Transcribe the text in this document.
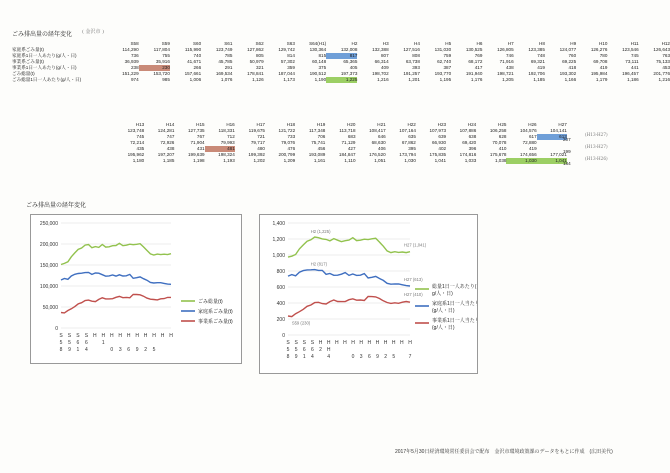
ごみ排出量の経年変化 ( 金沢市 )
	S58	S59	S60	S61	S62	S63	S64(H1)	H2	H3	H4	H5	H6	H7	H8	H9	H10	H11	H12
家庭系ごみ量(t)	114,290	117,804	115,990	123,749	127,862	129,742	130,364	132,008	132,388	127,516	131,030	130,525	126,805	123,385	124,077	126,276	123,546	126,643
家庭系1日一人あたり(g/人・日)	736	755	740	785	805	814	815	817	807	808	759	769	746	748	760	780	745	763
事業系ごみ量(t)	36,939	35,916	41,671	45,785	50,979	57,302	60,148	65,365	66,314	63,738	62,740	68,172	71,916	69,321	69,225	69,708	73,111	75,133
事業系1日一人あたり(g/人・日)	238	230	266	291	321	359	375	405	409	393	387	417	438	419	418	419	441	453
ごみ総量(t)	151,229	153,720	157,661	169,534	178,841	187,044	190,512	197,373	198,702	191,257	193,770	191,940	198,721	192,706	193,302	195,984	196,457	201,776
ごみ総量1日一人あたり(g/人・日)	974	985	1,006	1,076	1,126	1,173	1,190	1,225	1,216	1,201	1,195	1,176	1,205	1,185	1,166	1,179	1,186	1,216
	H13	H14	H15	H16	H17	H18	H19	H20	H21	H22	H23	H24	H25	H26	H27
	123,748	124,281	127,735	118,331	119,675	121,722	117,348	113,718	108,417	107,164	107,973	107,886	106,258	104,576	104,141
	745	747	767	712	721	733	706	683	646	635	639	638	628	617	613
	72,214	72,926	71,904	79,993	79,717	79,076	75,741	71,129	68,630	67,862	66,930	69,420	70,078	72,880	
	435	438	431	481	480	476	456	427	406	395	402	396	410	419	
	195,962	197,207	199,639	198,324	199,392	200,799	193,089	184,847	176,520	173,794	175,835	174,816	175,678	174,656	177,021
	1,180	1,185	1,198	1,193	1,202	1,209	1,161	1,110	1,051	1,030	1,041	1,033	1,038	1,030	1,041

207

199

184
(H13-H27)
(H13-H27)
(H13-H26)
ごみ排出量の経年変化
250,000
200,000
150,000
100,000
50,000
0
S S S S H H H H H H H H H H
5 5 6 6	1
8 9 1 4	0 3 6 9 2 5
ごみ総量(t)
家庭系ごみ量(t)
事業系ごみ量(t)
1,400
1,200
1,000
800
600
400
200
0
S S S S H H H H H H H H H H H H
5 5 6 6 2 H
8 9 1 4	4	0 3 6 9 2 5	7
総量1日一人あたり(
g/人・日)
家庭系1日一人当たり
(g/人・日)
事業系1日一人当たり
(g/人・日)
H2 (1,225)
H27 (1,041)
H2 (817)
H27 (613)
S59 (230)
H27 (410)
2017年5月30日経済環境常任委員会で配布　金沢市環境政策課のデータをもとに作成　(広田美代)
